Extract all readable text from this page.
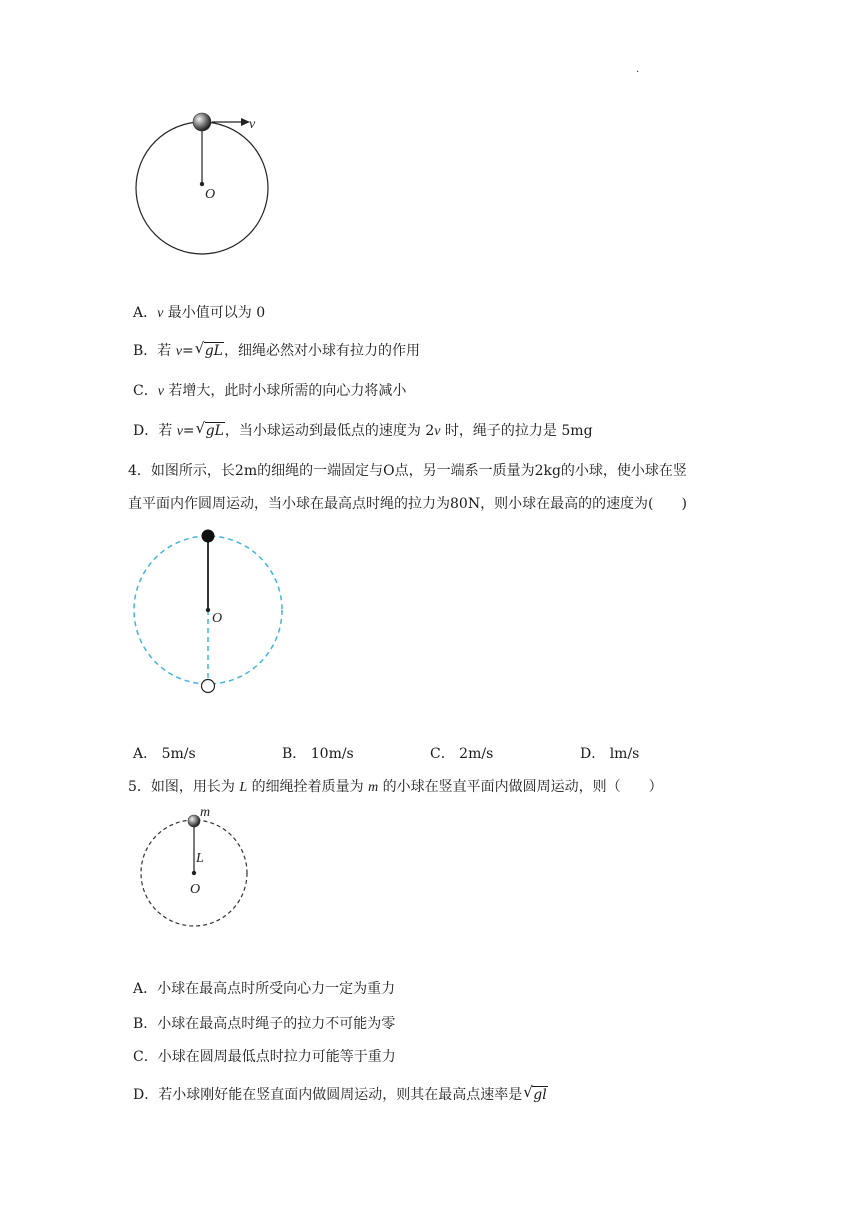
.
v
O
A．v 最小值可以为 0
B．若 v= √ gL，细绳必然对小球有拉力的作用
C．v 若增大，此时小球所需的向心力将减小
D．若 v= √ gL，当小球运动到最低点的速度为 2v 时，绳子的拉力是 5mg
4．如图所示，长2m的细绳的一端固定与O点，另一端系一质量为2kg的小球，使小球在竖
直平面内作圆周运动，当小球在最高点时绳的拉力为80N，则小球在最高的的速度为(　　)
O
A． 5m/s	B． 10m/s	C． 2m/s	D． lm/s
5．如图，用长为 L 的细绳拴着质量为 m 的小球在竖直平面内做圆周运动，则（　　）
m
L
O
A．小球在最高点时所受向心力一定为重力
B．小球在最高点时绳子的拉力不可能为零
C．小球在圆周最低点时拉力可能等于重力
D．若小球刚好能在竖直面内做圆周运动，则其在最高点速率是 √ gl
